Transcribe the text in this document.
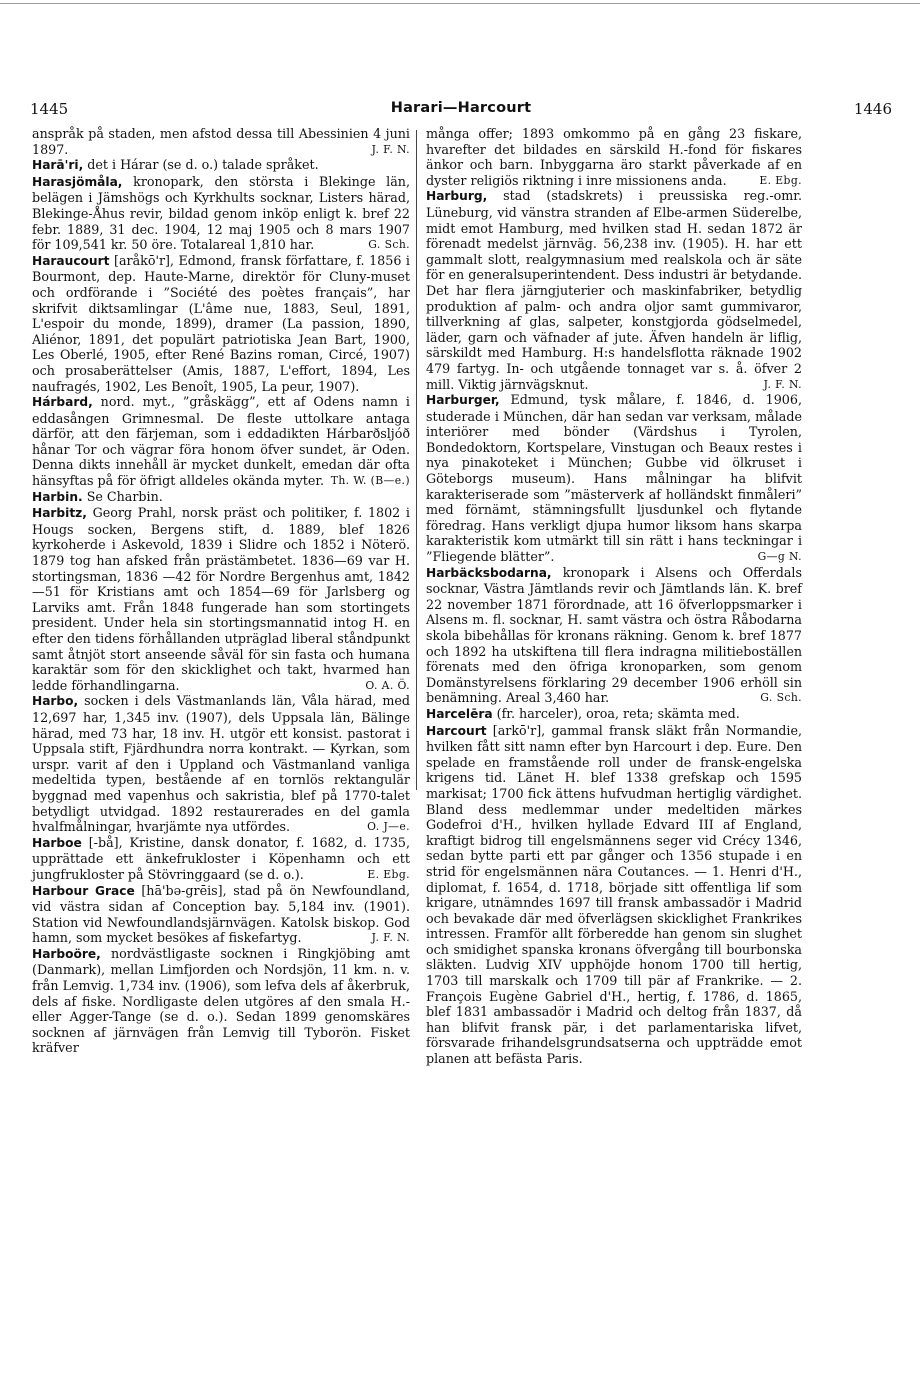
1445	Harari—Harcourt	1446

anspråk på staden, men afstod dessa till Abessinien 4 juni 1897.	J. F. N.

Harā'ri, det i Hárar (se d. o.) talade språket.

Harasjömåla, kronopark, den största i Blekinge län, belägen i Jämshögs och Kyrkhults socknar, Listers härad, Blekinge-Åhus revir, bildad genom inköp enligt k. bref 22 febr. 1889, 31 dec. 1904, 12 maj 1905 och 8 mars 1907 för 109,541 kr. 50 öre. Totalareal 1,810 har.	G. Sch.

Haraucourt [aråkō'r], Edmond, fransk författare, f. 1856 i Bourmont, dep. Haute-Marne, direktör för Cluny-muset och ordförande i ”Société des poètes français”, har skrifvit diktsamlingar (L'âme nue, 1883, Seul, 1891, L'espoir du monde, 1899), dramer (La passion, 1890, Aliénor, 1891, det populärt patriotiska Jean Bart, 1900, Les Oberlé, 1905, efter René Bazins roman, Circé, 1907) och prosaberättelser (Amis, 1887, L'effort, 1894, Les naufragés, 1902, Les Benoît, 1905, La peur, 1907).

Hárbard, nord. myt., ”gråskägg”, ett af Odens namn i eddasången Grimnesmal. De fleste uttolkare antaga därför, att den färjeman, som i eddadikten Hárbarðsljóð hånar Tor och vägrar föra honom öfver sundet, är Oden. Denna dikts innehåll är mycket dunkelt, emedan där ofta hänsyftas på för öfrigt alldeles okända myter. Th. W. (B—e.)

Harbin. Se Charbin.

Harbitz, Georg Prahl, norsk präst och politiker, f. 1802 i Hougs socken, Bergens stift, d. 1889, blef 1826 kyrkoherde i Askevold, 1839 i Slidre och 1852 i Nöterö. 1879 tog han afsked från prästämbetet. 1836—69 var H. stortingsman, 1836 —42 för Nordre Bergenhus amt, 1842—51 för Kristians amt och 1854—69 för Jarlsberg og Larviks amt. Från 1848 fungerade han som stortingets president. Under hela sin stortingsmannatid intog H. en efter den tidens förhållanden utpräglad liberal ståndpunkt samt åtnjöt stort anseende såväl för sin fasta och humana karaktär som för den skicklighet och takt, hvarmed han ledde förhandlingarna.	O. A. Ö.

Harbo, socken i dels Västmanlands län, Våla härad, med 12,697 har, 1,345 inv. (1907), dels Uppsala län, Bälinge härad, med 73 har, 18 inv. H. utgör ett konsist. pastorat i Uppsala stift, Fjärdhundra norra kontrakt. — Kyrkan, som urspr. varit af den i Uppland och Västmanland vanliga medeltida typen, bestående af en tornlös rektangulär byggnad med vapenhus och sakristia, blef på 1770-talet betydligt utvidgad. 1892 restaurerades en del gamla hvalfmålningar, hvarjämte nya utfördes.	O. J—e.

Harboe [-bå], Kristine, dansk donator, f. 1682, d. 1735, upprättade ett änkefrukloster i Köpenhamn och ett jungfrukloster på Stövringgaard (se d. o.).	E. Ebg.

Harbour Grace [hā'bə-grēis], stad på ön Newfoundland, vid västra sidan af Conception bay. 5,184 inv. (1901). Station vid Newfoundlandsjärnvägen. Katolsk biskop. God hamn, som mycket besökes af fiskefartyg.	J. F. N.

Harboöre, nordvästligaste socknen i Ringkjöbing amt (Danmark), mellan Limfjorden och Nordsjön, 11 km. n. v. från Lemvig. 1,734 inv. (1906), som lefva dels af åkerbruk, dels af fiske. Nordligaste delen utgöres af den smala H.- eller Agger-Tange (se d. o.). Sedan 1899 genomskäres socknen af järnvägen från Lemvig till Tyborön. Fisket kräfver

många offer; 1893 omkommo på en gång 23 fiskare, hvarefter det bildades en särskild H.-fond för fiskares änkor och barn. Inbyggarna äro starkt påverkade af en dyster religiös riktning i inre missionens anda.	E. Ebg.

Harburg, stad (stadskrets) i preussiska reg.-omr. Lüneburg, vid vänstra stranden af Elbe-armen Süderelbe, midt emot Hamburg, med hvilken stad H. sedan 1872 är förenadt medelst järnväg. 56,238 inv. (1905). H. har ett gammalt slott, realgymnasium med realskola och är säte för en generalsuperintendent. Dess industri är betydande. Det har flera järngjuterier och maskinfabriker, betydlig produktion af palm- och andra oljor samt gummivaror, tillverkning af glas, salpeter, konstgjorda gödselmedel, läder, garn och väfnader af jute. Äfven handeln är liflig, särskildt med Hamburg. H:s handelsflotta räknade 1902 479 fartyg. In- och utgående tonnaget var s. å. öfver 2 mill. Viktig järnvägsknut.	J. F. N.

Harburger, Edmund, tysk målare, f. 1846, d. 1906, studerade i München, där han sedan var verksam, målade interiörer med bönder (Värdshus i Tyrolen, Bondedoktorn, Kortspelare, Vinstugan och Beaux restes i nya pinakoteket i München; Gubbe vid ölkruset i Göteborgs museum). Hans målningar ha blifvit karakteriserade som ”mästerverk af holländskt finmåleri” med förnämt, stämningsfullt ljusdunkel och flytande föredrag. Hans verkligt djupa humor liksom hans skarpa karakteristik kom utmärkt till sin rätt i hans teckningar i ”Fliegende blätter”.	G—g N.

Harbäcksbodarna, kronopark i Alsens och Offerdals socknar, Västra Jämtlands revir och Jämtlands län. K. bref 22 november 1871 förordnade, att 16 öfverloppsmarker i Alsens m. fl. socknar, H. samt västra och östra Råbodarna skola bibehållas för kronans räkning. Genom k. bref 1877 och 1892 ha utskiftena till flera indragna militieboställen förenats med den öfriga kronoparken, som genom Domänstyrelsens förklaring 29 december 1906 erhöll sin benämning. Areal 3,460 har.	G. Sch.

Harcelēra (fr. harceler), oroa, reta; skämta med.

Harcourt [arkō'r], gammal fransk släkt från Normandie, hvilken fått sitt namn efter byn Harcourt i dep. Eure. Den spelade en framstående roll under de fransk-engelska krigens tid. Länet H. blef 1338 grefskap och 1595 markisat; 1700 fick ättens hufvudman hertiglig värdighet. Bland dess medlemmar under medeltiden märkes Godefroi d'H., hvilken hyllade Edvard III af England, kraftigt bidrog till engelsmännens seger vid Crécy 1346, sedan bytte parti ett par gånger och 1356 stupade i en strid för engelsmännen nära Coutances. — 1. Henri d'H., diplomat, f. 1654, d. 1718, började sitt offentliga lif som krigare, utnämndes 1697 till fransk ambassadör i Madrid och bevakade där med öfverlägsen skicklighet Frankrikes intressen. Framför allt förberedde han genom sin slughet och smidighet spanska kronans öfvergång till bourbonska släkten. Ludvig XIV upphöjde honom 1700 till hertig, 1703 till marskalk och 1709 till pär af Frankrike. — 2. François Eugène Gabriel d'H., hertig, f. 1786, d. 1865, blef 1831 ambassadör i Madrid och deltog från 1837, då han blifvit fransk pär, i det parlamentariska lifvet, försvarade frihandelsgrundsatserna och uppträdde emot planen att befästa Paris.
